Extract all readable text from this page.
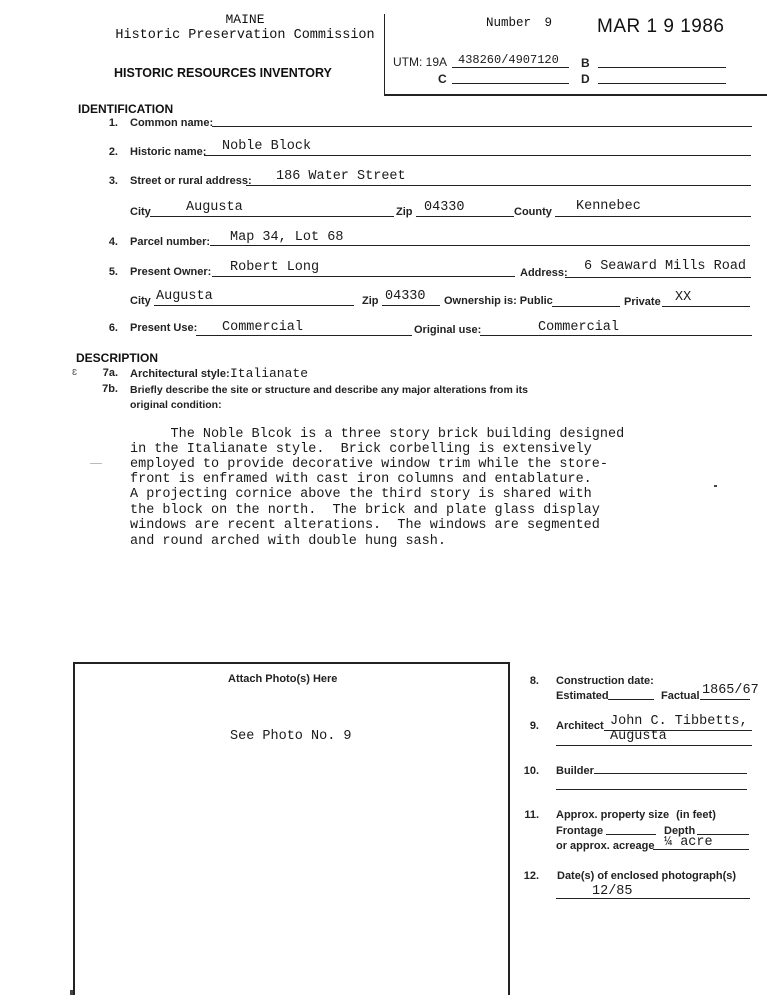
MAINE
Historic Preservation Commission
HISTORIC RESOURCES INVENTORY
Number 9 MAR 1 9 1986
UTM: 19A 438260/4907120 B
C	D
IDENTIFICATION
1. Common name:
2. Historic name: Noble Block
3. Street or rural address: 186 Water Street
City	Augusta	Zip 04330	County Kennebec
4. Parcel number: Map 34, Lot 68
5. Present Owner: Robert Long	Address: 6 Seaward Mills Road
City Augusta	Zip 04330 Ownership is: Public	Private XX
6. Present Use: Commercial	Original use:	Commercial
DESCRIPTION
ɛ	7a. Architectural style: Italianate
7b. Briefly describe the site or structure and describe any major alterations from its
original condition:
The Noble Blcok is a three story brick building designed
in the Italianate style.  Brick corbelling is extensively
employed to provide decorative window trim while the store-
front is enframed with cast iron columns and entablature.
A projecting cornice above the third story is shared with
the block on the north.  The brick and plate glass display
windows are recent alterations.  The windows are segmented
and round arched with double hung sash.
Attach Photo(s) Here
See Photo No. 9
8. Construction date:
Estimated	Factual 1865/67
9. Architect John C. Tibbetts,
Augusta
10. Builder
11. Approx. property size (in feet)
Frontage	Depth
or approx. acreage ¼ acre
12. Date(s) of enclosed photograph(s)
12/85
